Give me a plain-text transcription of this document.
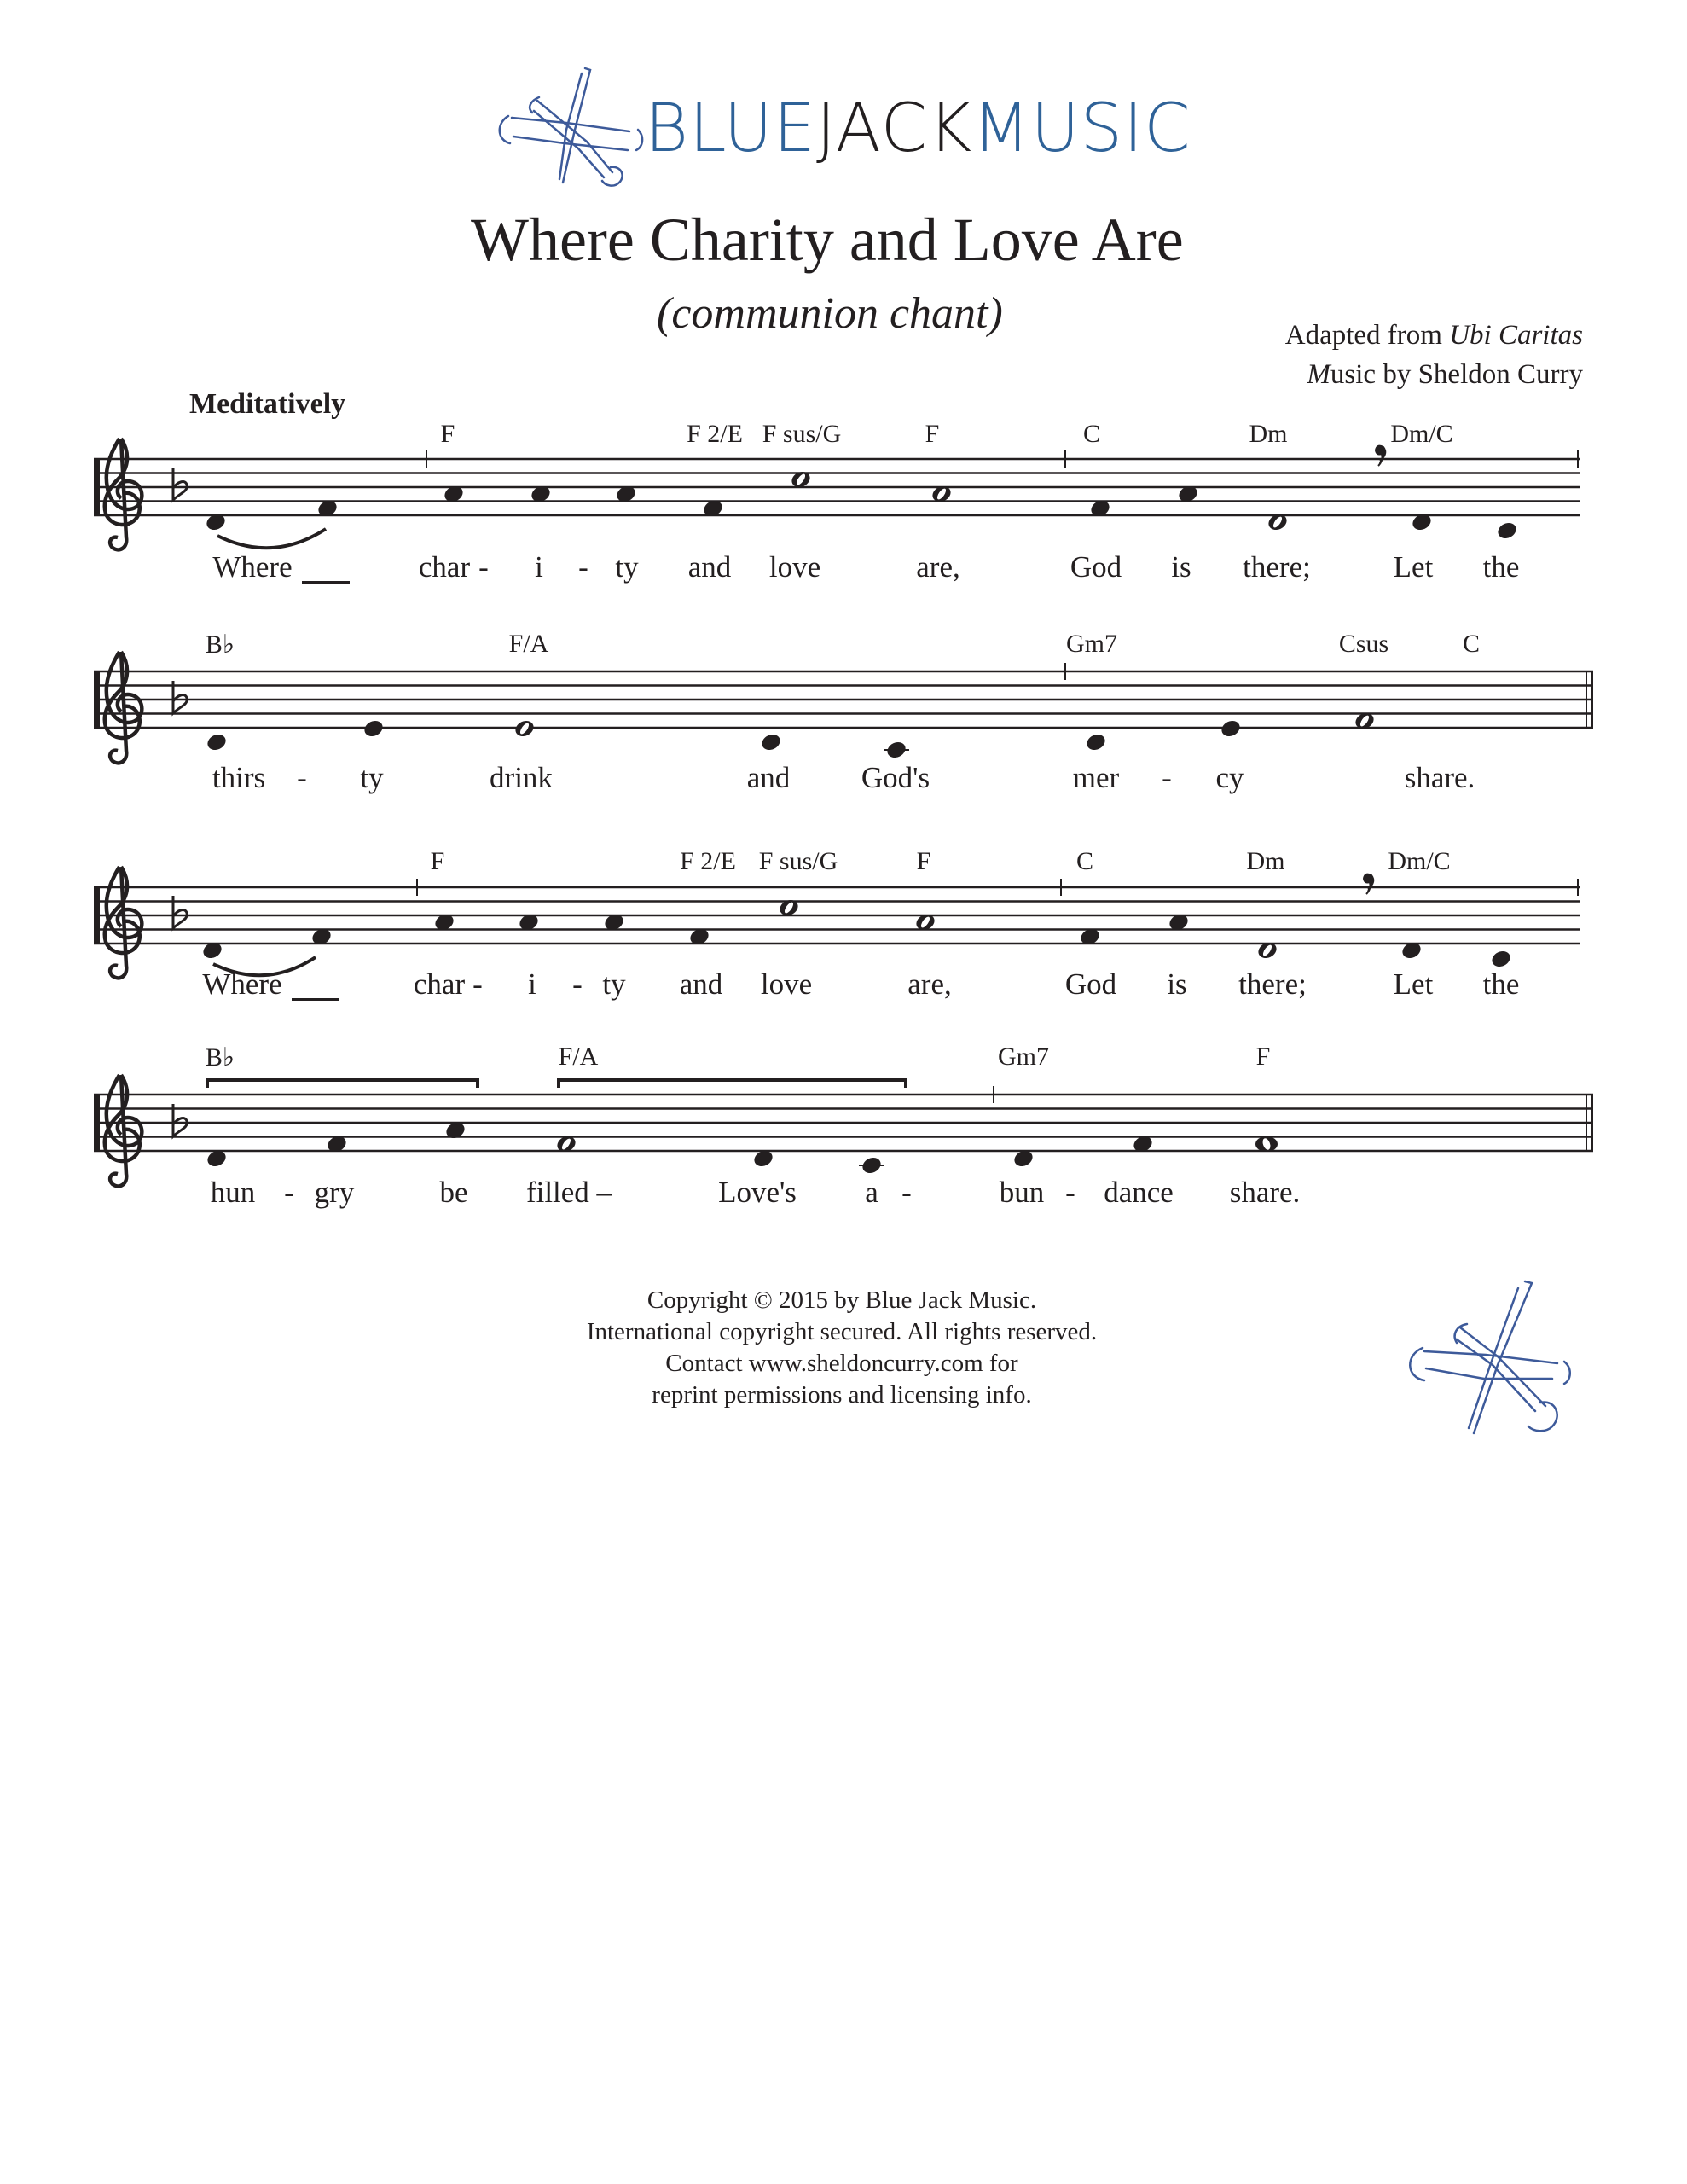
BLUEJACKMUSIC
Where Charity and Love Are
(communion chant)	Adapted from Ubi Caritas
Music by Sheldon Curry
Meditatively
F	F 2/E F sus/G	F	C	Dm	Dm/C
Where	char - i - ty and love	are,	God is there;	Let the
B♭	F/A	Gm7	Csus	C
thirs - ty	drink	and God's	mer - cy	share.
F	F 2/E F sus/G	F	C	Dm	Dm/C
Where	char - i - ty and love	are,	God is there;	Let the
B♭	F/A	Gm7	F
hun - gry	be filled –	Love's a -	bun - dance share.
Copyright © 2015 by Blue Jack Music.
International copyright secured. All rights reserved.
Contact www.sheldoncurry.com for
reprint permissions and licensing info.
